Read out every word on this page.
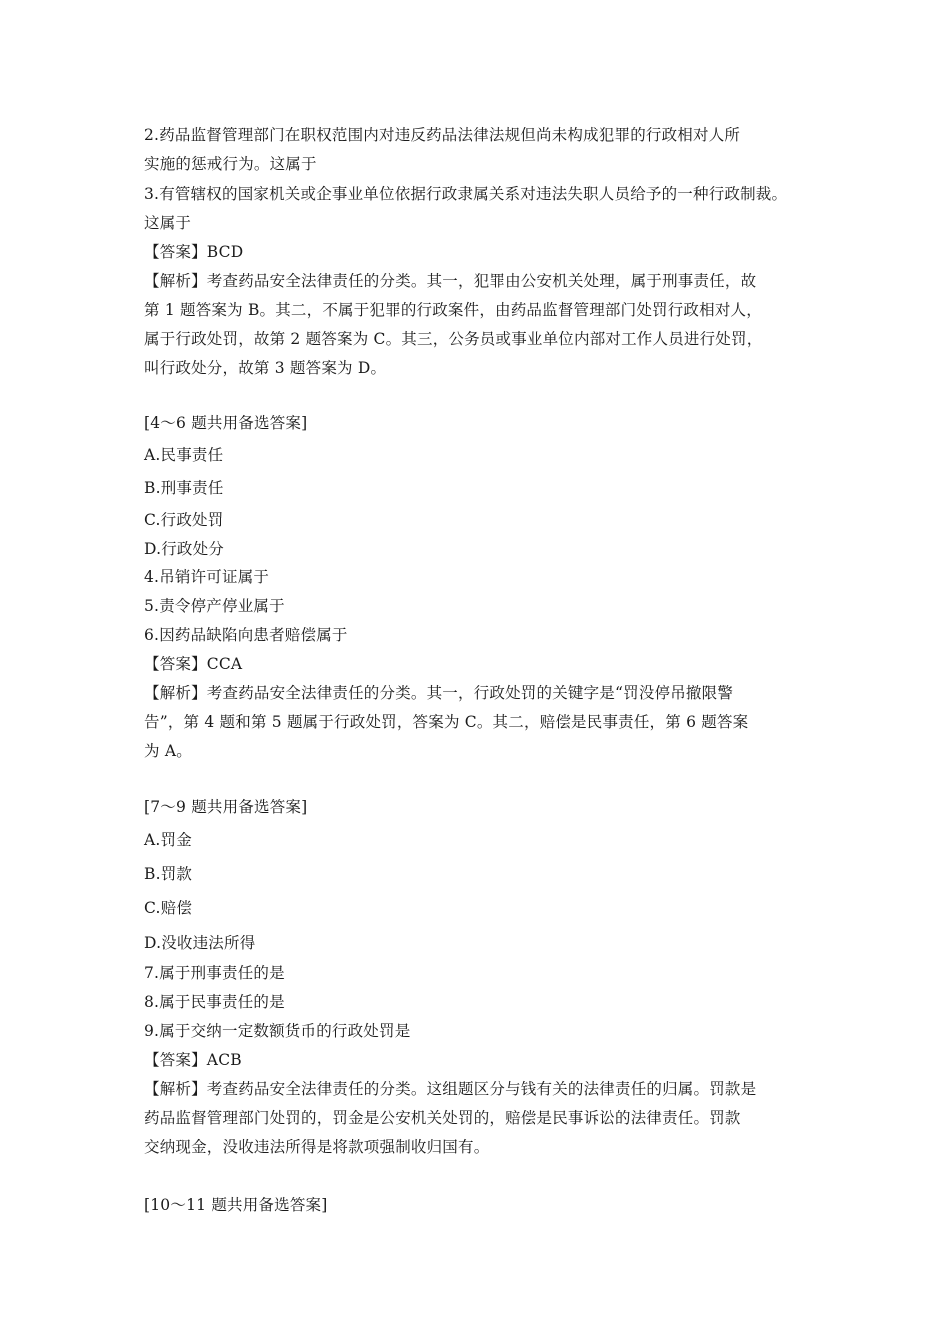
2.药品监督管理部门在职权范围内对违反药品法律法规但尚未构成犯罪的行政相对人所
实施的惩戒行为。这属于
3.有管辖权的国家机关或企事业单位依据行政隶属关系对违法失职人员给予的一种行政制裁。
这属于
【答案】BCD
【解析】考查药品安全法律责任的分类。其一，犯罪由公安机关处理，属于刑事责任，故
第 1 题答案为 B。其二，不属于犯罪的行政案件，由药品监督管理部门处罚行政相对人，
属于行政处罚，故第 2 题答案为 C。其三，公务员或事业单位内部对工作人员进行处罚，
叫行政处分，故第 3 题答案为 D。
[4～6 题共用备选答案]
A.民事责任
B.刑事责任
C.行政处罚
D.行政处分
4.吊销许可证属于
5.责令停产停业属于
6.因药品缺陷向患者赔偿属于
【答案】CCA
【解析】考查药品安全法律责任的分类。其一，行政处罚的关键字是“罚没停吊撤限警
告”，第 4 题和第 5 题属于行政处罚，答案为 C。其二，赔偿是民事责任，第 6 题答案
为 A。
[7～9 题共用备选答案]
A.罚金
B.罚款
C.赔偿
D.没收违法所得
7.属于刑事责任的是
8.属于民事责任的是
9.属于交纳一定数额货币的行政处罚是
【答案】ACB
【解析】考查药品安全法律责任的分类。这组题区分与钱有关的法律责任的归属。罚款是
药品监督管理部门处罚的，罚金是公安机关处罚的，赔偿是民事诉讼的法律责任。罚款
交纳现金，没收违法所得是将款项强制收归国有。
[10～11 题共用备选答案]
